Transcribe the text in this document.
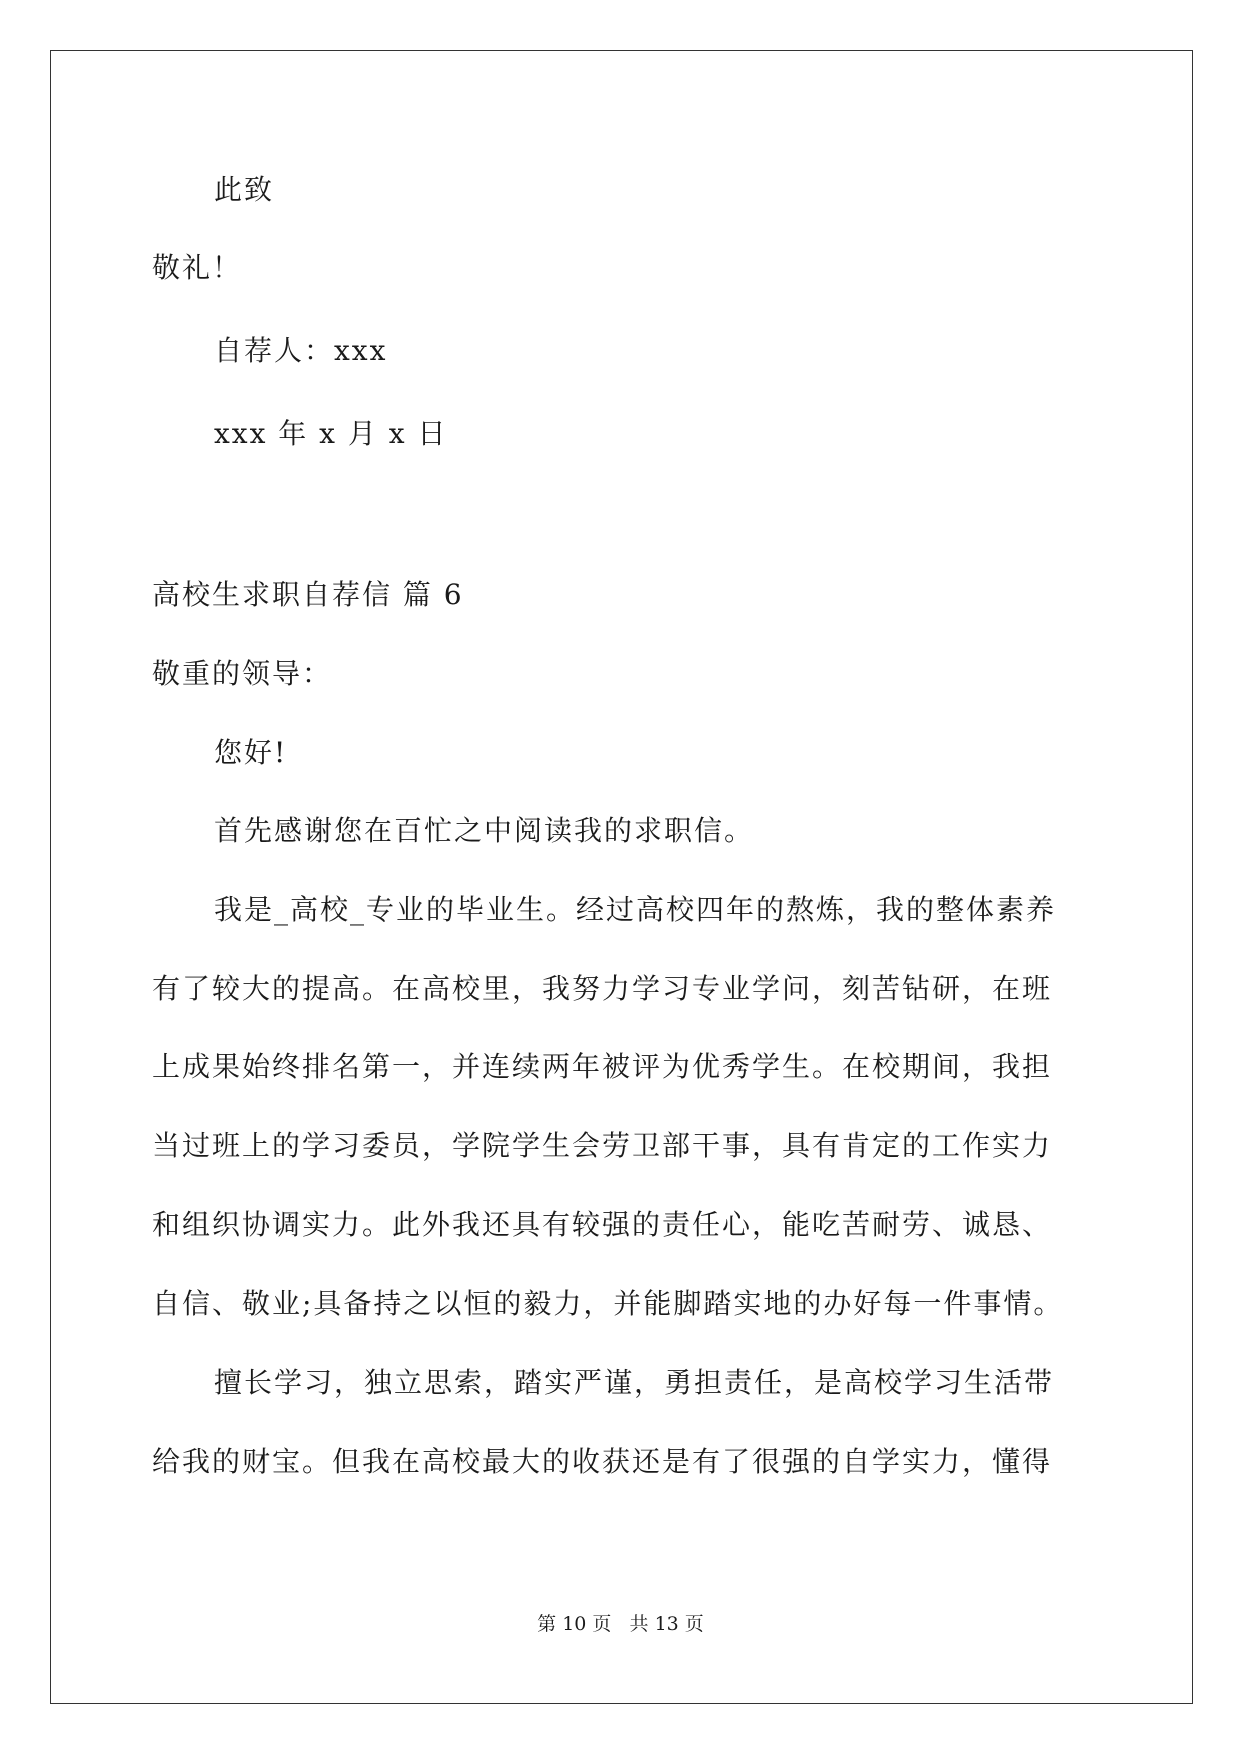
此致
敬礼！
自荐人：xxx
xxx 年 x 月 x 日
高校生求职自荐信 篇 6
敬重的领导：
您好!
首先感谢您在百忙之中阅读我的求职信。
我是_高校_专业的毕业生。经过高校四年的熬炼，我的整体素养
有了较大的提高。在高校里，我努力学习专业学问，刻苦钻研，在班
上成果始终排名第一，并连续两年被评为优秀学生。在校期间，我担
当过班上的学习委员，学院学生会劳卫部干事，具有肯定的工作实力
和组织协调实力。此外我还具有较强的责任心，能吃苦耐劳、诚恳、
自信、敬业;具备持之以恒的毅力，并能脚踏实地的办好每一件事情。
擅长学习，独立思索，踏实严谨，勇担责任，是高校学习生活带
给我的财宝。但我在高校最大的收获还是有了很强的自学实力，懂得
第 10 页   共 13 页
